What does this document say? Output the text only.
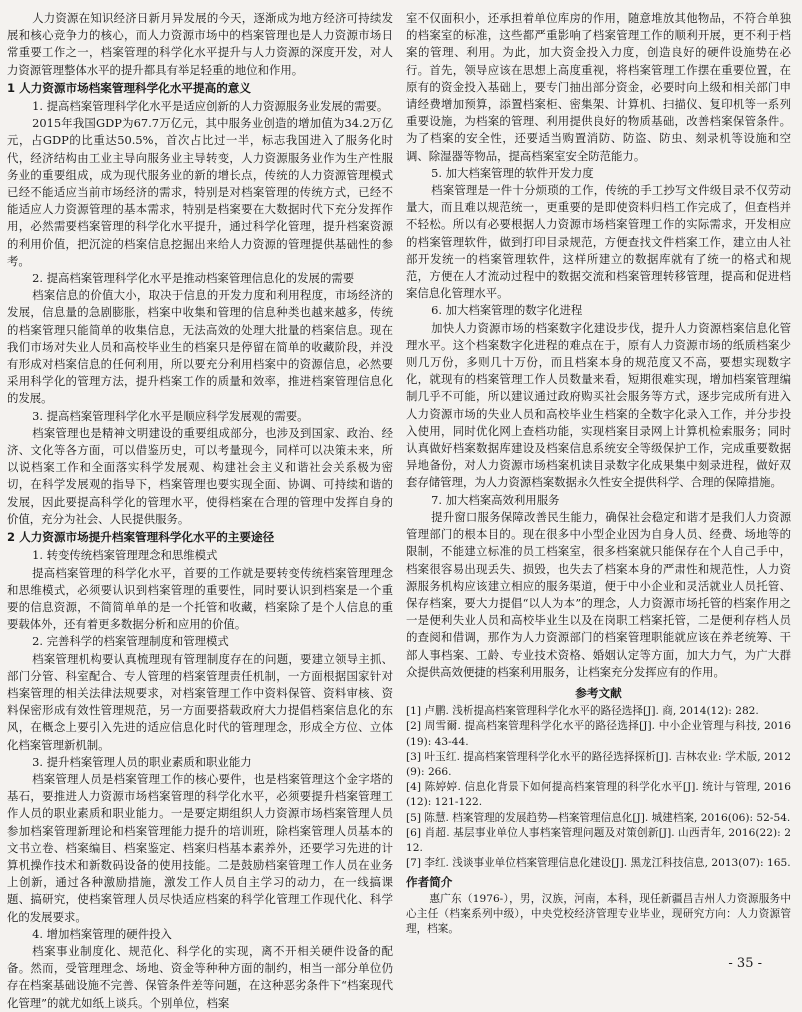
人力资源在知识经济日新月异发展的今天，逐渐成为地方经济可持续发展和核心竞争力的核心，而人力资源市场中的档案管理也是人力资源市场日常重要工作之一，档案管理的科学化水平提升与人力资源的深度开发，对人力资源管理整体水平的提升都具有举足轻重的地位和作用。
1 人力资源市场档案管理科学化水平提高的意义
1. 提高档案管理科学化水平是适应创新的人力资源服务业发展的需要。
2015年我国GDP为67.7万亿元，其中服务业创造的增加值为34.2万亿元，占GDP的比重达50.5%，首次占比过一半，标志我国进入了服务化时代，经济结构由工业主导向服务业主导转变，人力资源服务业作为生产性服务业的重要组成，成为现代服务业的新的增长点，传统的人力资源管理模式已经不能适应当前市场经济的需求，特别是对档案管理的传统方式，已经不能适应人力资源管理的基本需求，特别是档案要在大数据时代下充分发挥作用，必然需要档案管理的科学化水平提升，通过科学化管理，提升档案资源的利用价值，把沉淀的档案信息挖掘出来给人力资源的管理提供基础性的参考。
2. 提高档案管理科学化水平是推动档案管理信息化的发展的需要
档案信息的价值大小，取决于信息的开发力度和利用程度，市场经济的发展，信息量的急剧膨胀，档案中收集和管理的信息种类也越来越多，传统的档案管理只能简单的收集信息，无法高效的处理大批量的档案信息。现在我们市场对失业人员和高校毕业生的档案只是停留在简单的收藏阶段，并没有形成对档案信息的任何利用，所以要充分利用档案中的资源信息，必然要采用科学化的管理方法，提升档案工作的质量和效率，推进档案管理信息化的发展。
3. 提高档案管理科学化水平是顺应科学发展观的需要。
档案管理也是精神文明建设的重要组成部分，也涉及到国家、政治、经济、文化等各方面，可以借鉴历史，可以考量现今，同样可以决策未来，所以说档案工作和全面落实科学发展观、构建社会主义和谐社会关系极为密切，在科学发展观的指导下，档案管理也要实现全面、协调、可持续和谐的发展，因此要提高科学化的管理水平，使得档案在合理的管理中发挥自身的价值，充分为社会、人民提供服务。
2 人力资源市场提升档案管理科学化水平的主要途径
1. 转变传统档案管理理念和思维模式
提高档案管理的科学化水平，首要的工作就是要转变传统档案管理理念和思维模式，必须要认识到档案管理的重要性，同时要认识到档案是一个重要的信息资源，不简简单单的是一个托管和收藏，档案除了是个人信息的重要载体外，还有着更多数据分析和应用的价值。
2. 完善科学的档案管理制度和管理模式
档案管理机构要认真梳理现有管理制度存在的问题，要建立领导主抓、部门分管、科室配合、专人管理的档案管理责任机制，一方面根据国家针对档案管理的相关法律法规要求，对档案管理工作中资料保管、资料审核、资料保密形成有效性管理规范，另一方面要搭载政府大力提倡档案信息化的东风，在概念上要引入先进的适应信息化时代的管理理念，形成全方位、立体化档案管理新机制。
3. 提升档案管理人员的职业素质和职业能力
档案管理人员是档案管理工作的核心要件，也是档案管理这个金字塔的基石，要推进人力资源市场档案管理的科学化水平，必须要提升档案管理工作人员的职业素质和职业能力。一是要定期组织人力资源市场档案管理人员参加档案管理新理论和档案管理能力提升的培训班，除档案管理人员基本的文书立卷、档案编目、档案鉴定、档案归档基本素养外，还要学习先进的计算机操作技术和新数码设备的使用技能。二是鼓励档案管理工作人员在业务上创新，通过各种激励措施，激发工作人员自主学习的动力，在一线搞课题、搞研究，使档案管理人员尽快适应档案的科学化管理工作现代化、科学化的发展要求。
4. 增加档案管理的硬件投入
档案事业制度化、规范化、科学化的实现，离不开相关硬件设备的配备。然而，受管理理念、场地、资金等种种方面的制约，相当一部分单位仍存在档案基础设施不完善、保管条件差等问题，在这种恶劣条件下“档案现代化管理”的就尤如纸上谈兵。个别单位，档案
室不仅面积小，还承担着单位库房的作用，随意堆放其他物品，不符合单独的档案室的标准，这些都严重影响了档案管理工作的顺利开展，更不利于档案的管理、利用。为此，加大资金投入力度，创造良好的硬件设施势在必行。首先，领导应该在思想上高度重视，将档案管理工作摆在重要位置，在原有的资金投入基础上，要专门抽出部分资金，必要时向上级和相关部门申请经费增加预算，添置档案柜、密集架、计算机、扫描仪、复印机等一系列重要设施，为档案的管理、利用提供良好的物质基础，改善档案保管条件。为了档案的安全性，还要适当购置消防、防盗、防虫、刻录机等设施和空调、除湿器等物品，提高档案室安全防范能力。
5. 加大档案管理的软件开发力度
档案管理是一件十分烦琐的工作，传统的手工抄写文件级目录不仅劳动量大，而且难以规范统一，更重要的是即使资料归档工作完成了，但查档并不轻松。所以有必要根据人力资源市场档案管理工作的实际需求，开发相应的档案管理软件，做到打印目录规范，方便查找文件档案工作，建立由人社部开发统一的档案管理软件，这样所建立的数据库就有了统一的格式和规范，方便在人才流动过程中的数据交流和档案管理转移管理，提高和促进档案信息化管理水平。
6. 加大档案管理的数字化进程
加快人力资源市场的档案数字化建设步伐，提升人力资源档案信息化管理水平。这个档案数字化进程的难点在于，原有人力资源市场的纸质档案少则几万份，多则几十万份，而且档案本身的规范度又不高，要想实现数字化，就现有的档案管理工作人员数量来看，短期很难实现，增加档案管理编制几乎不可能，所以建议通过政府购买社会服务等方式，逐步完成所有进入人力资源市场的失业人员和高校毕业生档案的全数字化录入工作，并分步投入使用，同时优化网上查档功能，实现档案目录网上计算机检索服务；同时认真做好档案数据库建设及档案信息系统安全等级保护工作，完成重要数据异地备份，对人力资源市场档案机读目录数字化成果集中刻录进程，做好双套存储管理，为人力资源档案数据永久性安全提供科学、合理的保障措施。
7. 加大档案高效利用服务
提升窗口服务保障改善民生能力，确保社会稳定和谐才是我们人力资源管理部门的根本目的。现在很多中小型企业因为自身人员、经费、场地等的限制，不能建立标准的员工档案室，很多档案就只能保存在个人自己手中，档案很容易出现丢失、损毁，也失去了档案本身的严肃性和规范性，人力资源服务机构应该建立相应的服务渠道，便于中小企业和灵活就业人员托管、保存档案，要大力提倡“以人为本”的理念，人力资源市场托管的档案作用之一是便利失业人员和高校毕业生以及在岗职工档案托管，二是便利存档人员的查阅和借调，那作为人力资源部门的档案管理职能就应该在养老统筹、干部人事档案、工龄、专业技术资格、婚姻认定等方面，加大力气，为广大群众提供高效便捷的档案利用服务，让档案充分发挥应有的作用。
参考文献
[1] 卢鹏. 浅析提高档案管理科学化水平的路径选择[J]. 商, 2014(12): 282.
[2] 周雪爾. 提高档案管理科学化水平的路径选择[J]. 中小企业管理与科技, 2016(19): 43-44.
[3] 叶玉红. 提高档案管理科学化水平的路径选择探析[J]. 吉林农业: 学术版, 2012(9): 266.
[4] 陈婷婷. 信息化背景下如何提高档案管理的科学化水平[J]. 统计与管理, 2016(12): 121-122.
[5] 陈慧. 档案管理的发展趋势—档案管理信息化[J]. 城建档案, 2016(06): 52-54.
[6] 肖超. 基层事业单位人事档案管理问题及对策创新[J]. 山西青年, 2016(22): 212.
[7] 李红. 浅谈事业单位档案管理信息化建设[J]. 黑龙江科技信息, 2013(07): 165.
作者简介
惠广东（1976-），男，汉族，河南，本科，现任新疆昌吉州人力资源服务中心主任（档案系列中级），中央党校经济管理专业毕业，现研究方向：人力资源管理，档案。
- 35 -
